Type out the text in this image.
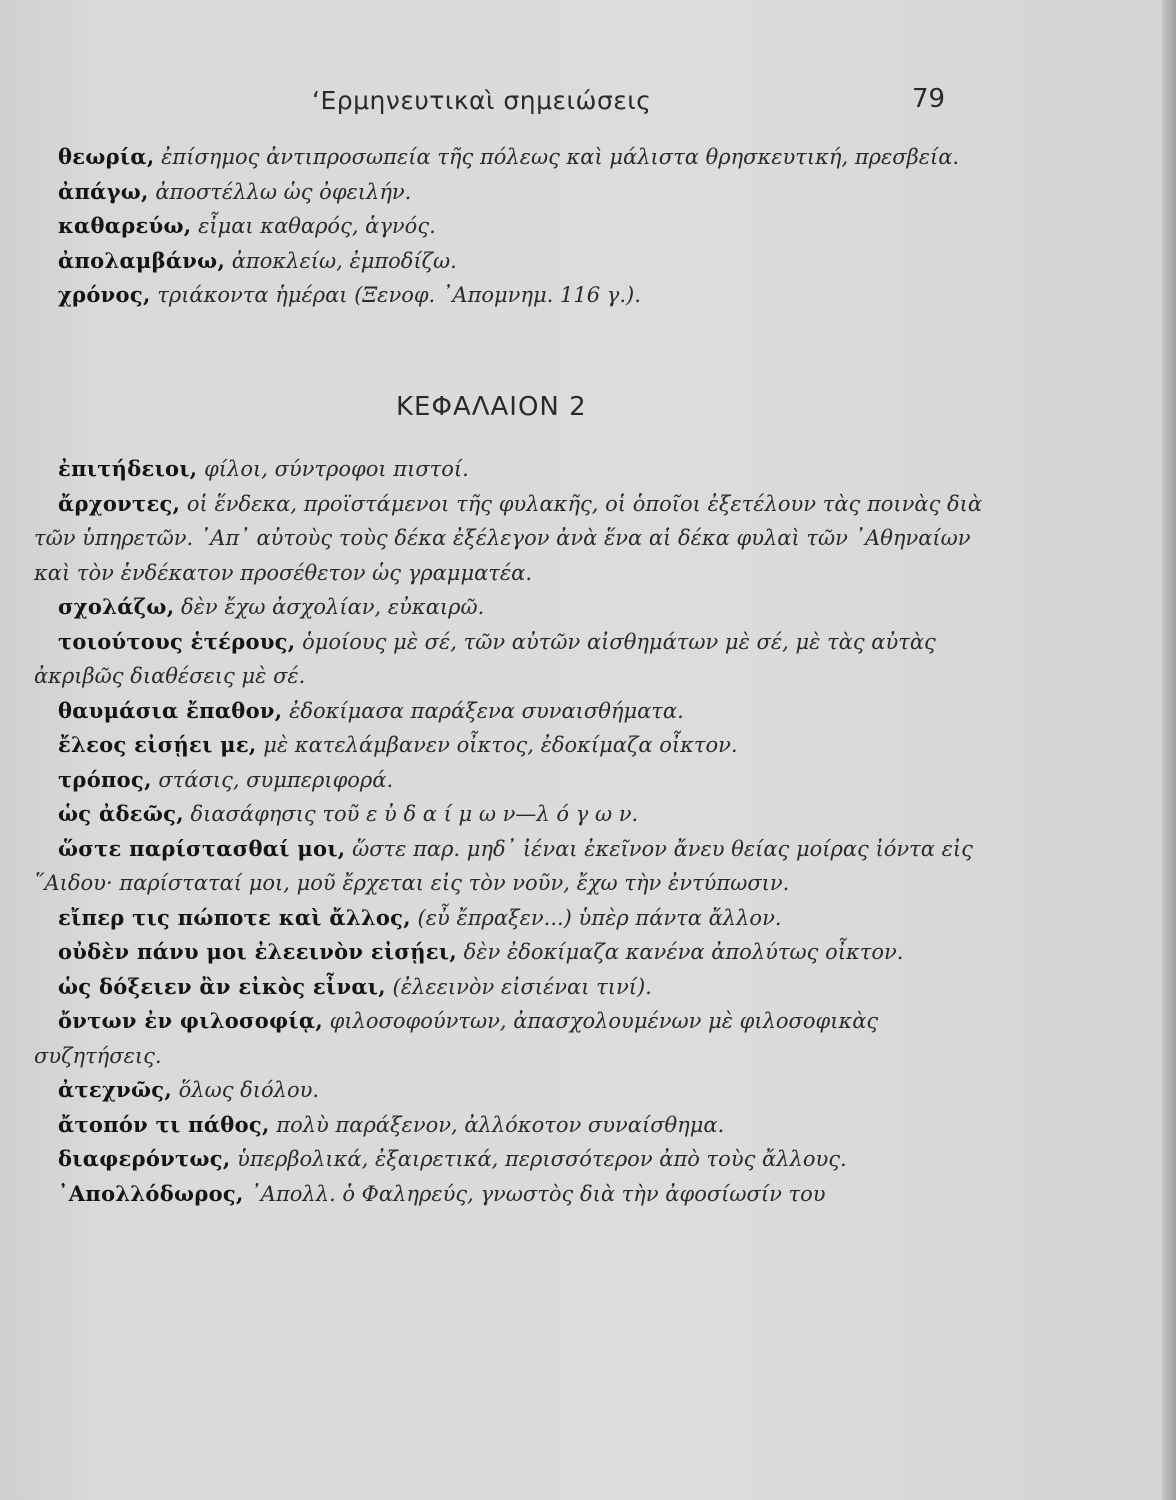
‘Ερμηνευτικαὶ σημειώσεις	79

θεωρία, ἐπίσημος ἀντιπροσωπεία τῆς πόλεως καὶ μάλιστα θρησκευτική, πρεσβεία.

ἀπάγω, ἀποστέλλω ὡς ὀφειλήν.

καθαρεύω, εἶμαι καθαρός, ἁγνός.

ἀπολαμβάνω, ἀποκλείω, ἐμποδίζω.

χρόνος, τριάκοντα ἡμέραι (Ξενοφ. ᾿Απομνημ. 116 γ.).

ΚΕΦΑΛΑΙΟΝ 2

ἐπιτήδειοι, φίλοι, σύντροφοι πιστοί.

ἄρχοντες, οἱ ἕνδεκα, προϊστάμενοι τῆς φυλακῆς, οἱ ὁποῖοι ἐξετέλουν τὰς ποινὰς διὰ τῶν ὑπηρετῶν. ᾿Απ᾿ αὐτοὺς τοὺς δέκα ἐξέλεγον ἀνὰ ἕνα αἱ δέκα φυλαὶ τῶν ᾿Αθηναίων καὶ τὸν ἑνδέκατον προσέθετον ὡς γραμματέα.

σχολάζω, δὲν ἔχω ἀσχολίαν, εὐκαιρῶ.

τοιούτους ἑτέρους, ὁμοίους μὲ σέ, τῶν αὐτῶν αἰσθημάτων μὲ σέ, μὲ τὰς αὐτὰς ἀκριβῶς διαθέσεις μὲ σέ.

θαυμάσια ἔπαθον, ἐδοκίμασα παράξενα συναισθήματα.

ἔλεος εἰσῄει με, μὲ κατελάμβανεν οἶκτος, ἐδοκίμαζα οἶκτον.

τρόπος, στάσις, συμπεριφορά.

ὡς ἀδεῶς, διασάφησις τοῦ ε ὐ δ α ί μ ω ν—λ ό γ ω ν.

ὥστε παρίστασθαί μοι, ὥστε παρ. μηδ᾿ ἰέναι ἐκεῖνον ἄνευ θείας μοίρας ἰόντα εἰς ῞Αιδου· παρίσταταί μοι, μοῦ ἔρχεται εἰς τὸν νοῦν, ἔχω τὴν ἐντύπωσιν.

εἴπερ τις πώποτε καὶ ἄλλος, (εὖ ἔπραξεν...) ὑπὲρ πάντα ἄλλον.

οὐδὲν πάνυ μοι ἐλεεινὸν εἰσῄει, δὲν ἐδοκίμαζα κανένα ἀπολύτως οἶκτον.

ὡς δόξειεν ἂν εἰκὸς εἶναι, (ἐλεεινὸν εἰσιέναι τινί).

ὄντων ἐν φιλοσοφίᾳ, φιλοσοφούντων, ἀπασχολουμένων μὲ φιλοσοφικὰς συζητήσεις.

ἀτεχνῶς, ὅλως διόλου.

ἄτοπόν τι πάθος, πολὺ παράξενον, ἀλλόκοτον συναίσθημα.

διαφερόντως, ὑπερβολικά, ἐξαιρετικά, περισσότερον ἀπὸ τοὺς ἄλλους.

᾿Απολλόδωρος, ᾿Απολλ. ὁ Φαληρεύς, γνωστὸς διὰ τὴν ἀφοσίωσίν του
